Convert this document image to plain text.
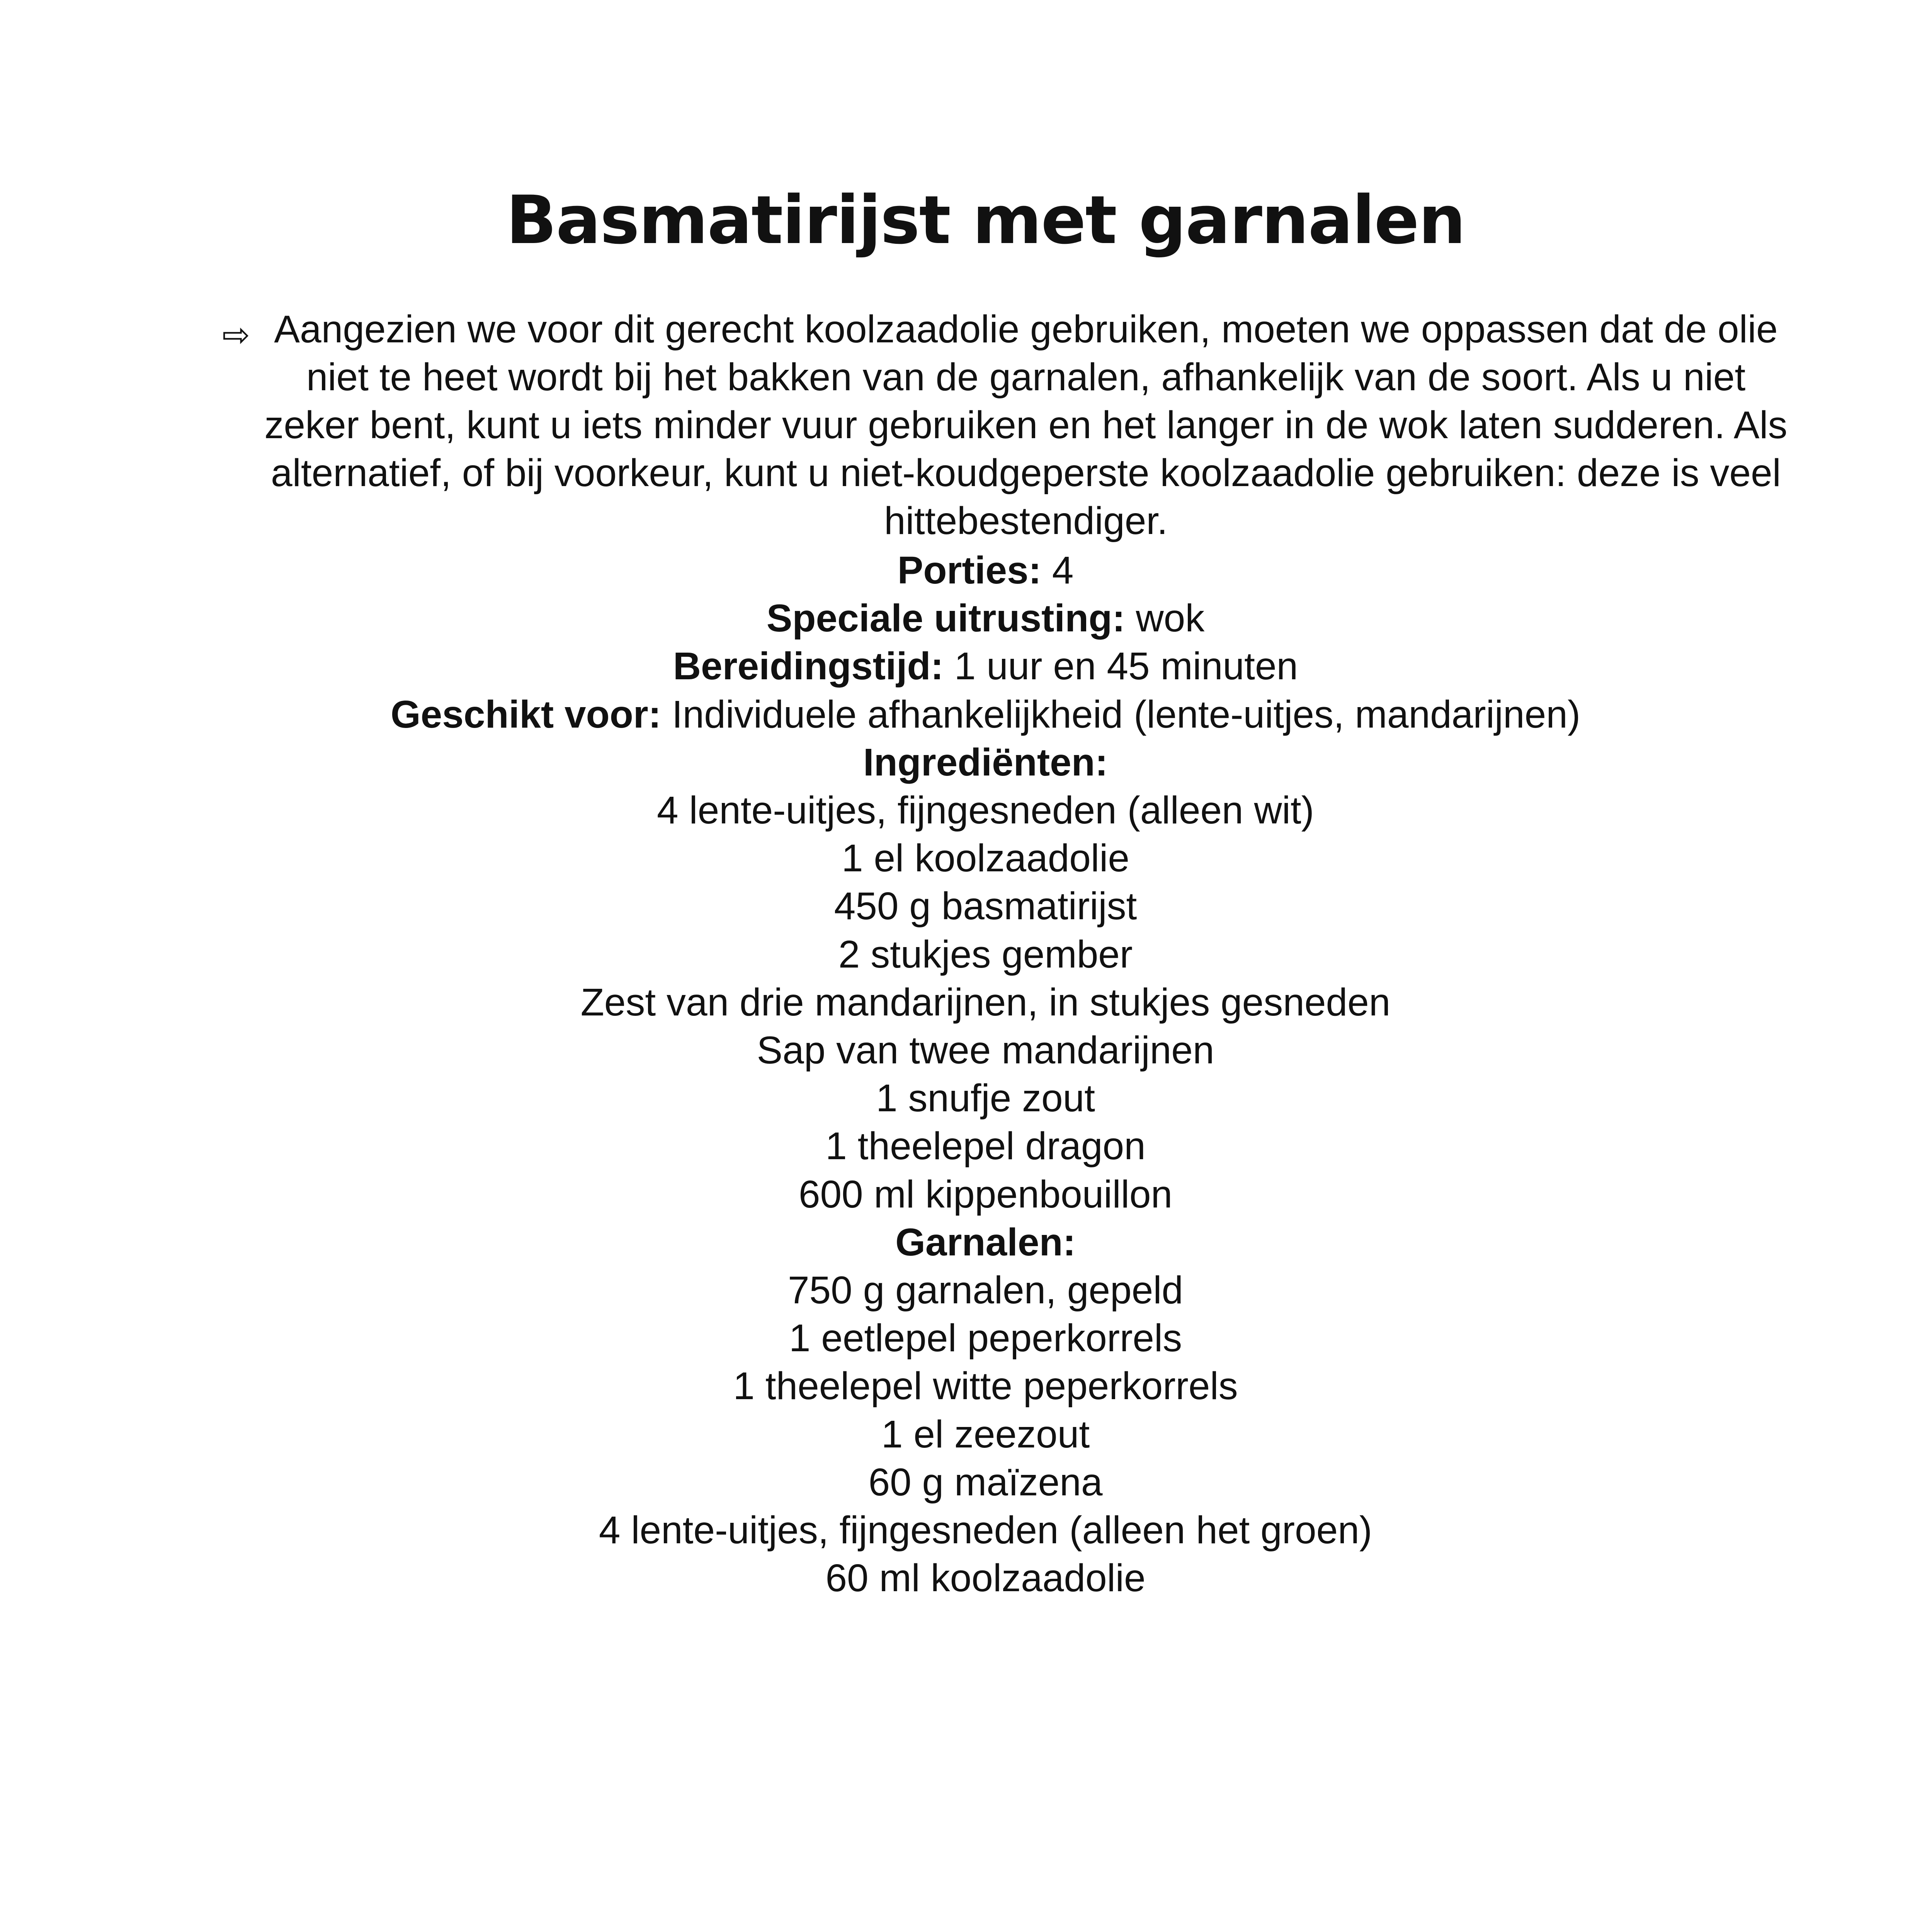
Basmatirijst met garnalen
⇨ Aangezien we voor dit gerecht koolzaadolie gebruiken, moeten we oppassen dat de olie niet te heet wordt bij het bakken van de garnalen, afhankelijk van de soort. Als u niet zeker bent, kunt u iets minder vuur gebruiken en het langer in de wok laten sudderen. Als alternatief, of bij voorkeur, kunt u niet-koudgeperste koolzaadolie gebruiken: deze is veel hittebestendiger.
Porties: 4
Speciale uitrusting: wok
Bereidingstijd: 1 uur en 45 minuten
Geschikt voor: Individuele afhankelijkheid (lente-uitjes, mandarijnen)
Ingrediënten:
4 lente-uitjes, fijngesneden (alleen wit)
1 el koolzaadolie
450 g basmatirijst
2 stukjes gember
Zest van drie mandarijnen, in stukjes gesneden
Sap van twee mandarijnen
1 snufje zout
1 theelepel dragon
600 ml kippenbouillon
Garnalen:
750 g garnalen, gepeld
1 eetlepel peperkorrels
1 theelepel witte peperkorrels
1 el zeezout
60 g maïzena
4 lente-uitjes, fijngesneden (alleen het groen)
60 ml koolzaadolie
